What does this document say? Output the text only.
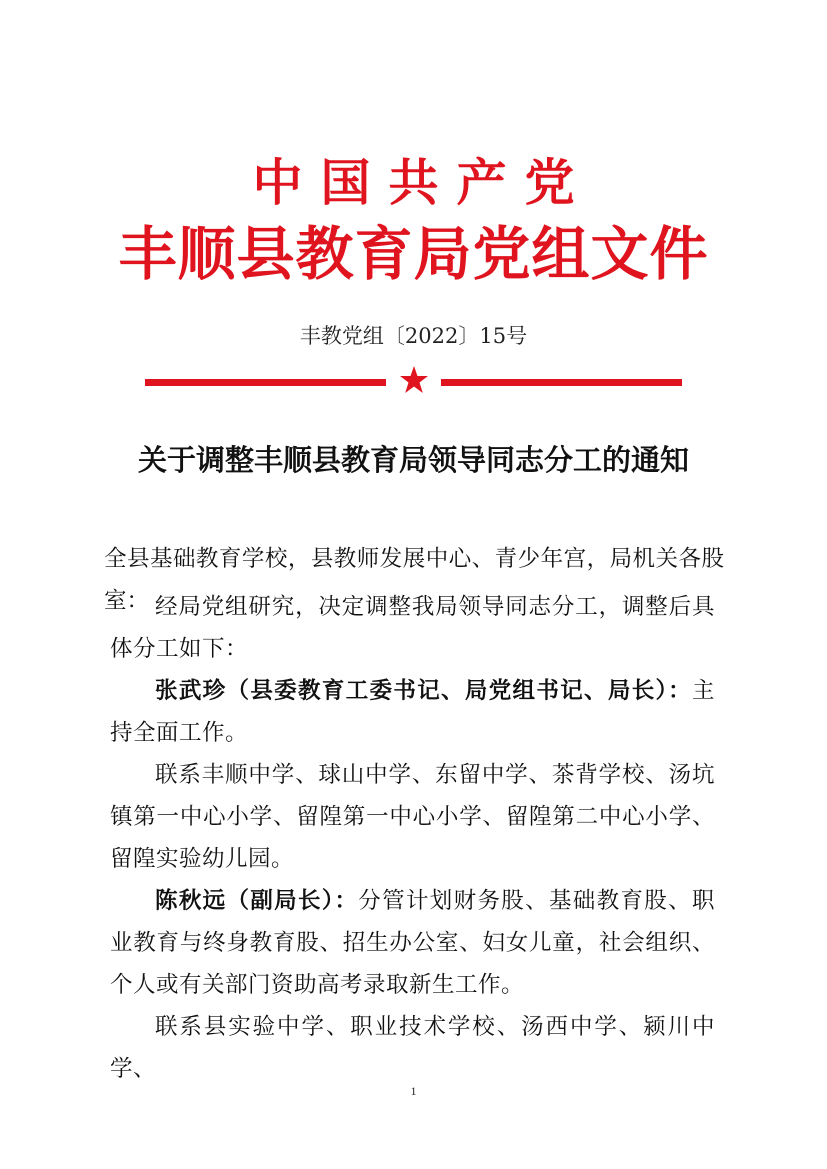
中国共产党
丰顺县教育局党组文件
丰教党组〔2022〕15号
关于调整丰顺县教育局领导同志分工的通知

全县基础教育学校，县教师发展中心、青少年宫，局机关各股室： 经局党组研究，决定调整我局领导同志分工，调整后具体分工如下：

张武珍（县委教育工委书记、局党组书记、局长）：主持全面工作。

联系丰顺中学、球山中学、东留中学、茶背学校、汤坑镇第一中心小学、留隍第一中心小学、留隍第二中心小学、留隍实验幼儿园。

陈秋远（副局长）：分管计划财务股、基础教育股、职业教育与终身教育股、招生办公室、妇女儿童，社会组织、个人或有关部门资助高考录取新生工作。

联系县实验中学、职业技术学校、汤西中学、颍川中学、

1
